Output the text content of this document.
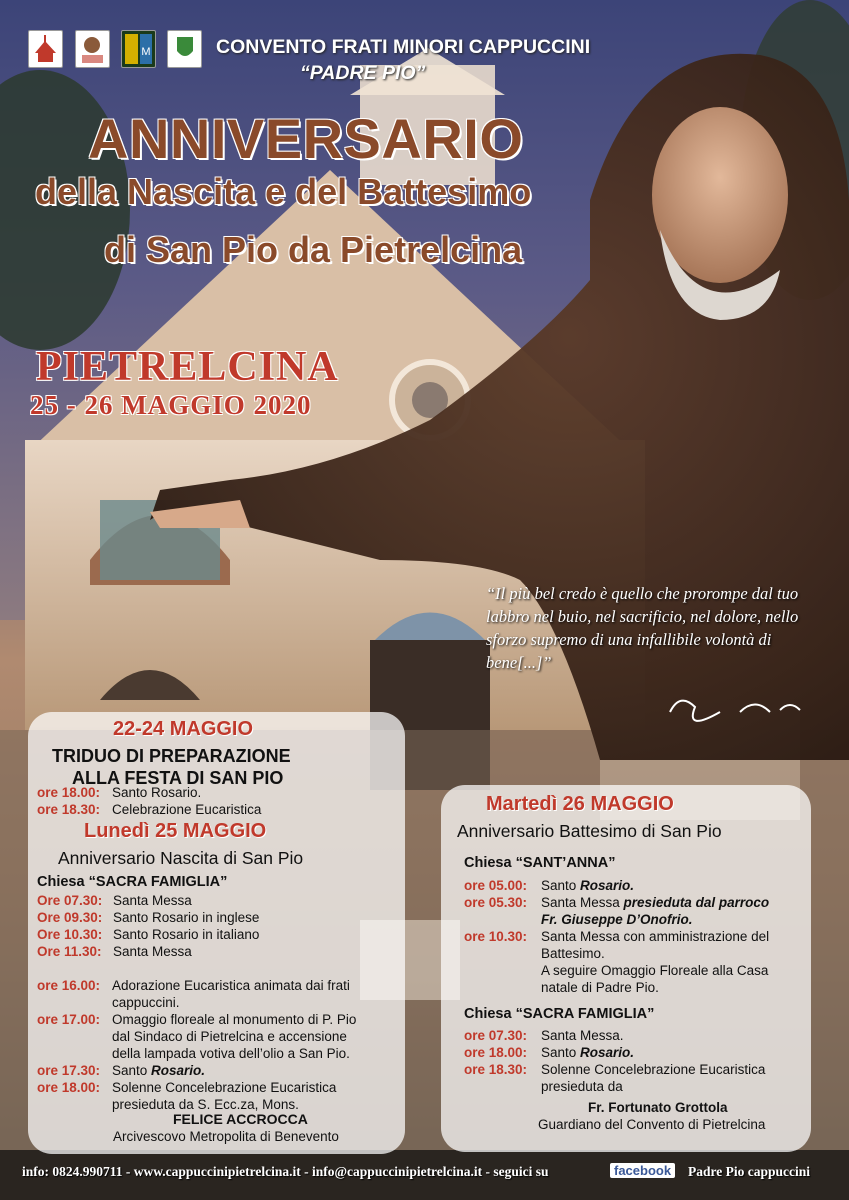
M	CONVENTO FRATI MINORI CAPPUCCINI
“PADRE PIO”
ANNIVERSARIO
della Nascita e del Battesimo
di San Pio da Pietrelcina
PIETRELCINA
25 - 26 MAGGIO 2020
“Il più bel credo è quello che prorompe dal tuo labbro nel buio, nel sacrificio, nel dolore, nello sforzo supremo di una infallibile volontà di bene[...]”
22-24 MAGGIO
TRIDUO DI PREPARAZIONE
ALLA FESTA DI SAN PIO
ore 18.00: Santo Rosario.
ore 18.30: Celebrazione Eucaristica
Lunedì 25 MAGGIO
Anniversario Nascita di San Pio
Chiesa “SACRA FAMIGLIA”
Ore 07.30: Santa Messa
Ore 09.30: Santo Rosario in inglese
Ore 10.30: Santo Rosario in italiano
Ore 11.30: Santa Messa
FELICE ACCROCCA
Arcivescovo Metropolita di Benevento
Martedì 26 MAGGIO
Anniversario Battesimo di San Pio
Chiesa “SANT’ANNA”
ore 05.00: Santo Rosario.
ore 05.30: Santa Messa presieduta dal parroco
Fr. Giuseppe D’Onofrio.
ore 10.30: Santa Messa con amministrazione del
Battesimo.
A seguire Omaggio Floreale alla Casa
natale di Padre Pio.
Chiesa “SACRA FAMIGLIA”
ore 07.30: Santa Messa.
ore 18.00: Santo Rosario.
ore 18.30: Solenne Concelebrazione Eucaristica
presieduta da
Fr. Fortunato Grottola
Guardiano del Convento di Pietrelcina
info: 0824.990711 - www.cappuccinipietrelcina.it - info@cappuccinipietrelcina.it - seguici su	facebook Padre Pio cappuccini
ore 16.00: Adorazione Eucaristica animata dai frati
cappuccini.
ore 17.00: Omaggio floreale al monumento di P. Pio
dal Sindaco di Pietrelcina e accensione
della lampada votiva dell’olio a San Pio.
ore 17.30: Santo Rosario.
ore 18.00: Solenne Concelebrazione Eucaristica
presieduta da S. Ecc.za, Mons.
